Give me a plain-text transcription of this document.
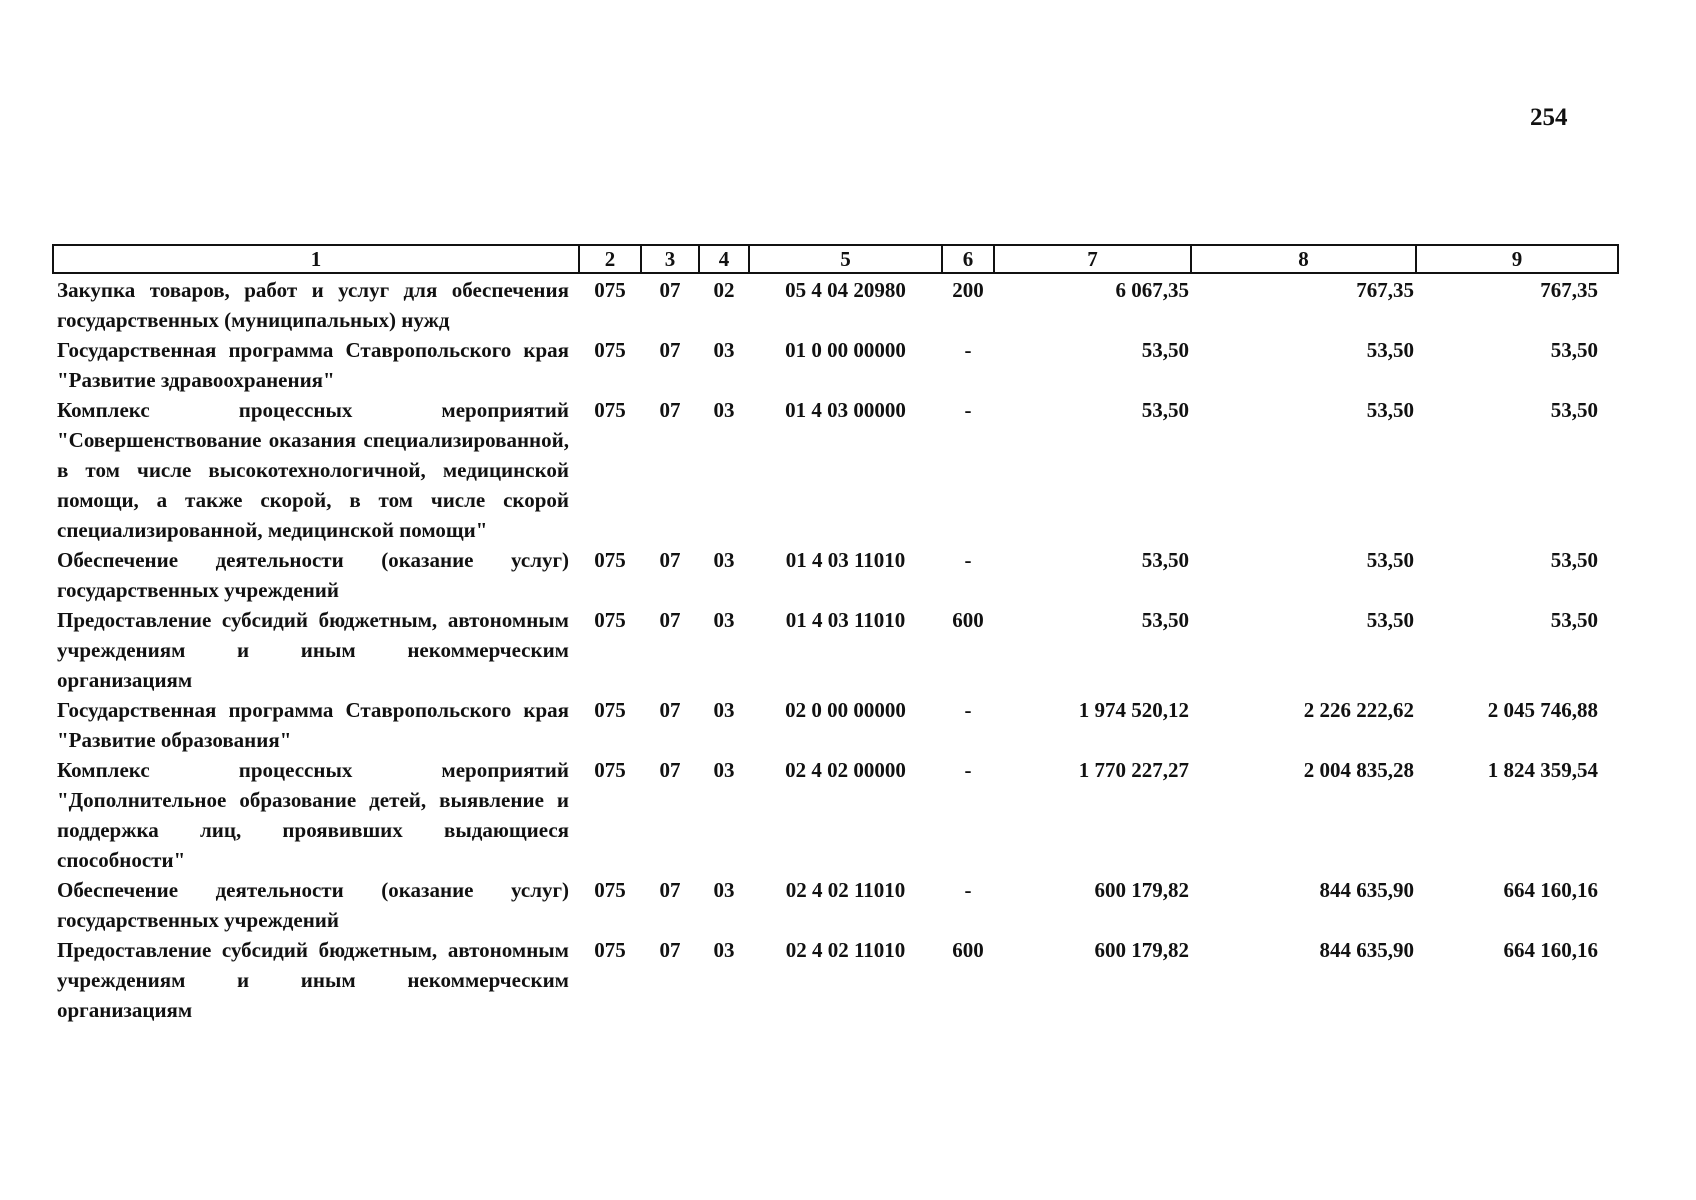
254
1	2	3	4	5	6	7	8	9
Закупка товаров, работ и услуг для обеспечения государственных (муниципальных) нужд	075	07	02	05 4 04 20980	200	6 067,35	767,35	767,35
Государственная программа Ставропольского края "Развитие здравоохранения"	075	07	03	01 0 00 00000	-	53,50	53,50	53,50
Комплекс процессных мероприятий "Совершенствование оказания специализированной, в том числе высокотехнологичной, медицинской помощи, а также скорой, в том числе скорой специализированной, медицинской помощи"	075	07	03	01 4 03 00000	-	53,50	53,50	53,50
Обеспечение деятельности (оказание услуг) государственных учреждений	075	07	03	01 4 03 11010	-	53,50	53,50	53,50
Предоставление субсидий бюджетным, автономным учреждениям и иным некоммерческим организациям	075	07	03	01 4 03 11010	600	53,50	53,50	53,50
Государственная программа Ставропольского края "Развитие образования"	075	07	03	02 0 00 00000	-	1 974 520,12	2 226 222,62	2 045 746,88
Комплекс процессных мероприятий "Дополнительное образование детей, выявление и поддержка лиц, проявивших выдающиеся способности"	075	07	03	02 4 02 00000	-	1 770 227,27	2 004 835,28	1 824 359,54
Обеспечение деятельности (оказание услуг) государственных учреждений	075	07	03	02 4 02 11010	-	600 179,82	844 635,90	664 160,16
Предоставление субсидий бюджетным, автономным учреждениям и иным некоммерческим организациям	075	07	03	02 4 02 11010	600	600 179,82	844 635,90	664 160,16
